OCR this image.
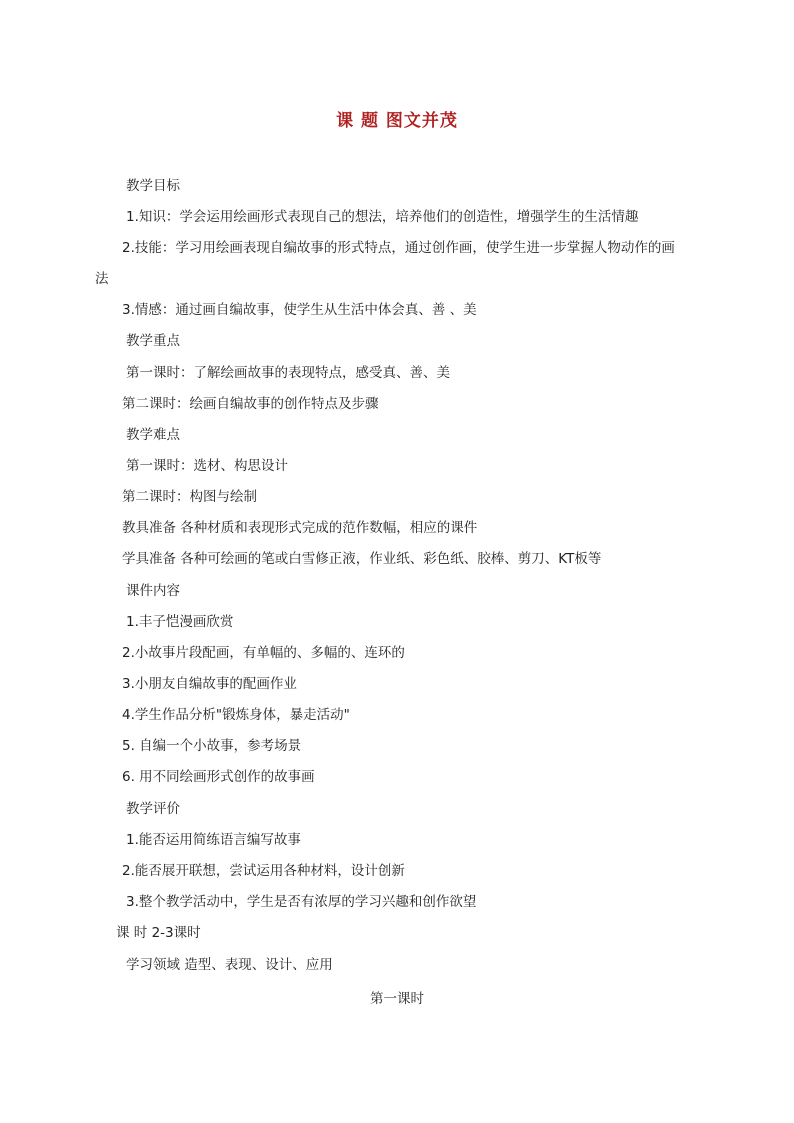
课 题 图文并茂
教学目标
1.知识：学会运用绘画形式表现自己的想法，培养他们的创造性，增强学生的生活情趣
2.技能：学习用绘画表现自编故事的形式特点，通过创作画，使学生进一步掌握人物动作的画
法
3.情感：通过画自编故事，使学生从生活中体会真、善 、美
教学重点
第一课时：了解绘画故事的表现特点，感受真、善、美
第二课时：绘画自编故事的创作特点及步骤
教学难点
第一课时：选材、构思设计
第二课时：构图与绘制
教具准备 各种材质和表现形式完成的范作数幅，相应的课件
学具准备 各种可绘画的笔或白雪修正液，作业纸、彩色纸、胶棒、剪刀、KT板等
课件内容
1.丰子恺漫画欣赏
2.小故事片段配画，有单幅的、多幅的、连环的
3.小朋友自编故事的配画作业
4.学生作品分析"锻炼身体，暴走活动"
5. 自编一个小故事，参考场景
6. 用不同绘画形式创作的故事画
教学评价
1.能否运用简练语言编写故事
2.能否展开联想，尝试运用各种材料，设计创新
3.整个教学活动中，学生是否有浓厚的学习兴趣和创作欲望
课 时 2-3课时
学习领域 造型、表现、设计、应用
第一课时
